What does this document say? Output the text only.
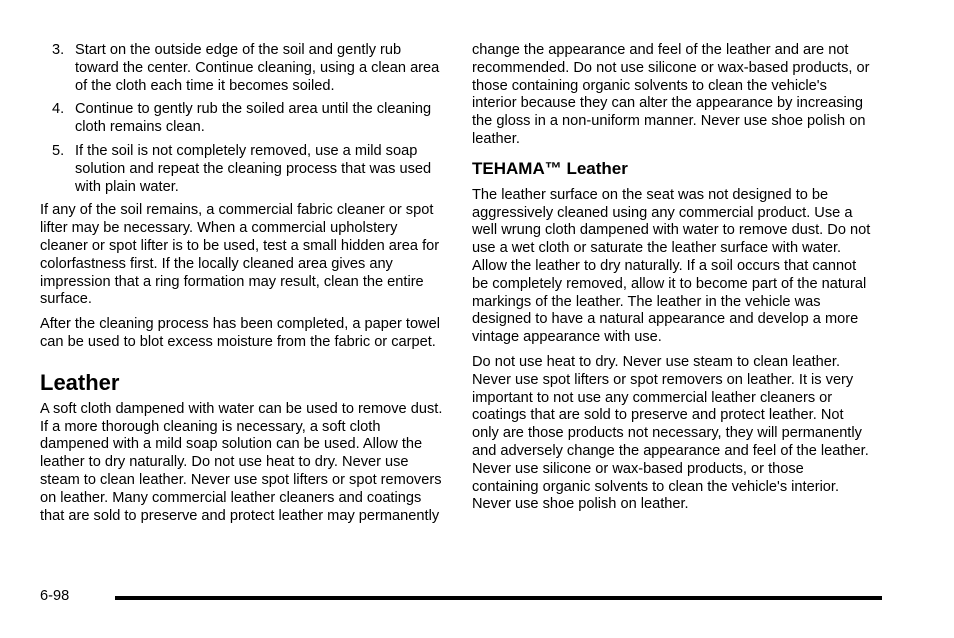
3. Start on the outside edge of the soil and gently rub toward the center. Continue cleaning, using a clean area of the cloth each time it becomes soiled.
4. Continue to gently rub the soiled area until the cleaning cloth remains clean.
5. If the soil is not completely removed, use a mild soap solution and repeat the cleaning process that was used with plain water.

If any of the soil remains, a commercial fabric cleaner or spot lifter may be necessary. When a commercial upholstery cleaner or spot lifter is to be used, test a small hidden area for colorfastness first. If the locally cleaned area gives any impression that a ring formation may result, clean the entire surface.

After the cleaning process has been completed, a paper towel can be used to blot excess moisture from the fabric or carpet.

Leather

A soft cloth dampened with water can be used to remove dust. If a more thorough cleaning is necessary, a soft cloth dampened with a mild soap solution can be used. Allow the leather to dry naturally. Do not use heat to dry. Never use steam to clean leather. Never use spot lifters or spot removers on leather. Many commercial leather cleaners and coatings that are sold to preserve and protect leather may permanently

change the appearance and feel of the leather and are not recommended. Do not use silicone or wax-based products, or those containing organic solvents to clean the vehicle's interior because they can alter the appearance by increasing the gloss in a non-uniform manner. Never use shoe polish on leather.

TEHAMA™ Leather

The leather surface on the seat was not designed to be aggressively cleaned using any commercial product. Use a well wrung cloth dampened with water to remove dust. Do not use a wet cloth or saturate the leather surface with water. Allow the leather to dry naturally. If a soil occurs that cannot be completely removed, allow it to become part of the natural markings of the leather. The leather in the vehicle was designed to have a natural appearance and develop a more vintage appearance with use.

Do not use heat to dry. Never use steam to clean leather. Never use spot lifters or spot removers on leather. It is very important to not use any commercial leather cleaners or coatings that are sold to preserve and protect leather. Not only are those products not necessary, they will permanently and adversely change the appearance and feel of the leather. Never use silicone or wax-based products, or those containing organic solvents to clean the vehicle's interior. Never use shoe polish on leather.

6-98
